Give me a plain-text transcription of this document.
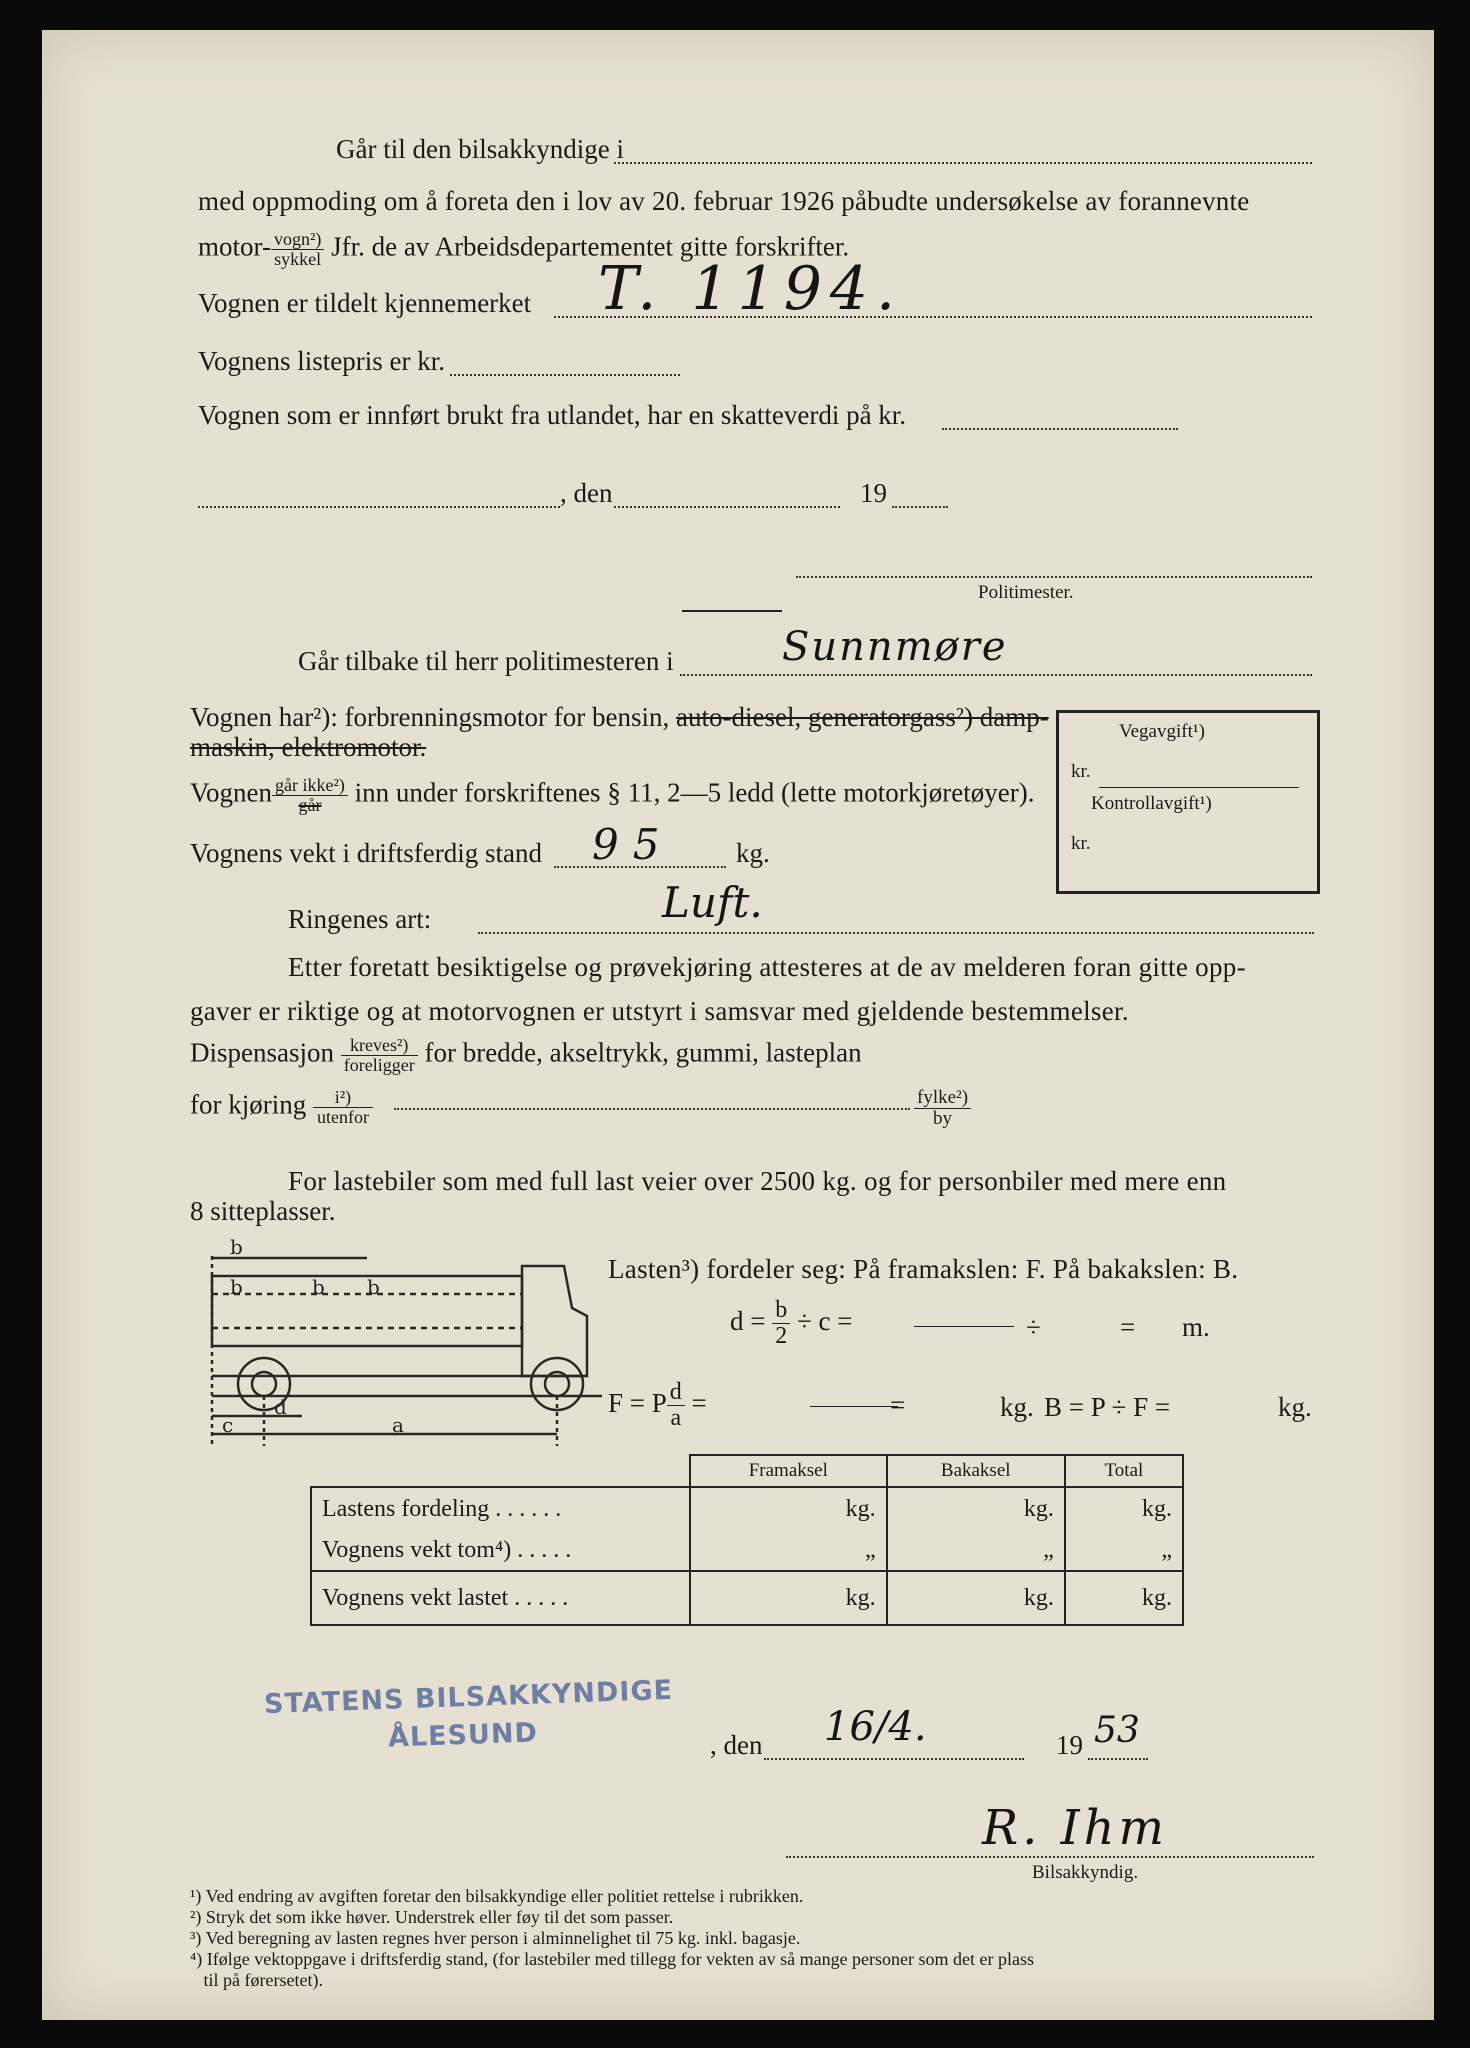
Går til den bilsakkyndige i
med oppmoding om å foreta den i lov av 20. februar 1926 påbudte undersøkelse av forannevnte
motor- $\frac{\text{vogn²)}}{\text{sykkel}}$ Jfr. de av Arbeidsdepartementet gitte forskrifter.
Vognen er tildelt kjennemerket T. 1194.
Vognens listepris er kr.
Vognen som er innført brukt fra utlandet, har en skatteverdi på kr.
, den	19
Politimester.
Går tilbake til herr politimesteren i	Sunnmøre
Vognen har²): forbrenningsmotor for bensin, auto-diesel, generatorgass²) damp-
maskin, elektromotor.
Vognen $\frac{\text{går ikke²)}}{\text{går}}$ inn under forskriftenes § 11, 2—5 ledd (lette motorkjøretøyer).
Vognens vekt i driftsferdig stand 95 kg.
Vegavgift¹)
kr.
Kontrollavgift¹)
kr.
Ringenes art:	Luft.
Etter foretatt besiktigelse og prøvekjøring attesteres at de av melderen foran gitte opp-
gaver er riktige og at motorvognen er utstyrt i samsvar med gjeldende bestemmelser.
Dispensasjon $\frac{\text{kreves²)}}{\text{foreligger}}$ for bredde, akseltrykk, gummi, lasteplan
for kjøring $\frac{\text{i²)}}{\text{utenfor}}$	$\frac{\text{fylke²)}}{by}$
For lastebiler som med full last veier over 2500 kg. og for personbiler med mere enn
8 sitteplasser.
b
b	b b
c
d
a
Lasten³) fordeler seg: På framakslen: F. På bakakslen: B.
$d = \frac{b}{2} \div c$ =	÷	= m.
F = P $\frac{d}{a}$ =	=	kg. B = P ÷ F =	kg.
	Framaksel	Bakaksel	Total
Lastens fordeling . . . . . .	kg.	kg.	kg.
Vognens vekt tom⁴) . . . . .	„	„	„
Vognens vekt lastet . . . . .	kg.	kg.	kg.
STATENS BILSAKKYNDIGE
ÅLESUND	, den 16/4.	19 53
R. Ihm
Bilsakkyndig.
¹) Ved endring av avgiften foretar den bilsakkyndige eller politiet rettelse i rubrikken.
²) Stryk det som ikke høver. Understrek eller føy til det som passer.
³) Ved beregning av lasten regnes hver person i alminnelighet til 75 kg. inkl. bagasje.
⁴) Ifølge vektoppgave i driftsferdig stand, (for lastebiler med tillegg for vekten av så mange personer som det er plass
til på førersetet).
